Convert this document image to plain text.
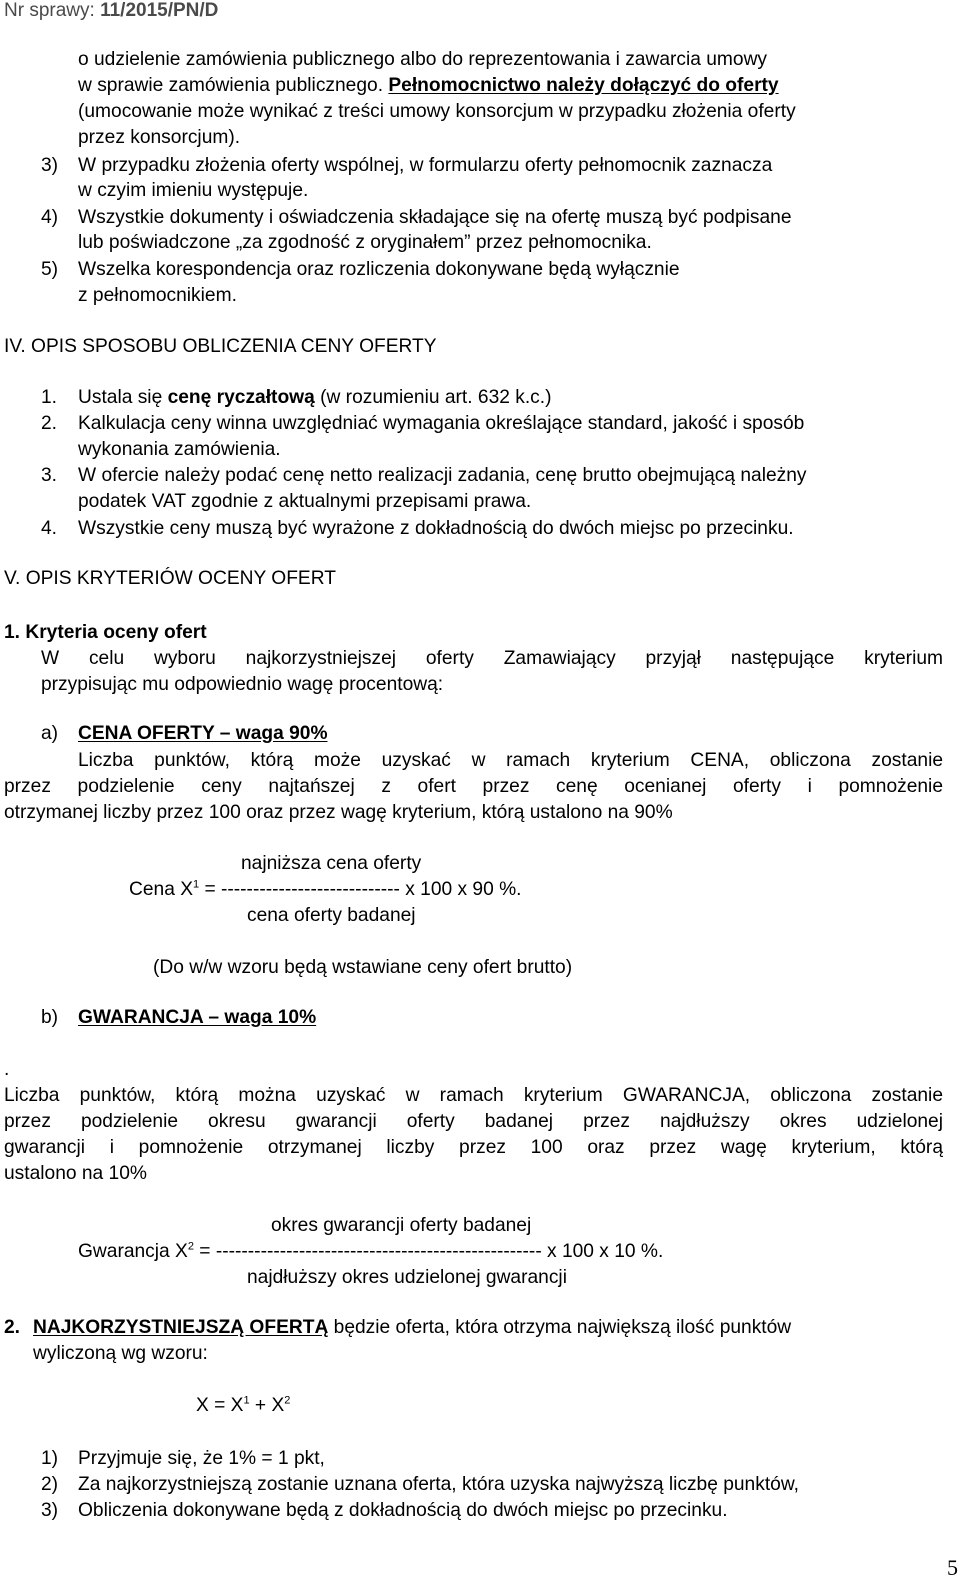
Nr sprawy: 11/2015/PN/D
o udzielenie zamówienia publicznego albo do reprezentowania i zawarcia umowy
w sprawie zamówienia publicznego. Pełnomocnictwo należy dołączyć do oferty
(umocowanie może wynikać z treści umowy konsorcjum w przypadku złożenia oferty
przez konsorcjum).
3) W przypadku złożenia oferty wspólnej, w formularzu oferty pełnomocnik zaznacza
w czyim imieniu występuje.
4) Wszystkie dokumenty i oświadczenia składające się na ofertę muszą być podpisane
lub poświadczone „za zgodność z oryginałem” przez pełnomocnika.
5) Wszelka korespondencja oraz rozliczenia dokonywane będą wyłącznie
z pełnomocnikiem.
IV. OPIS SPOSOBU OBLICZENIA CENY OFERTY
1. Ustala się cenę ryczałtową (w rozumieniu art. 632 k.c.)
2. Kalkulacja ceny winna uwzględniać wymagania określające standard, jakość i sposób
wykonania zamówienia.
3. W ofercie należy podać cenę netto realizacji zadania, cenę brutto obejmującą należny
podatek VAT zgodnie z aktualnymi przepisami prawa.
4. Wszystkie ceny muszą być wyrażone z dokładnością do dwóch miejsc po przecinku.
V. OPIS KRYTERIÓW OCENY OFERT
1. Kryteria oceny ofert
W celu wyboru najkorzystniejszej oferty Zamawiający przyjął następujące kryterium
przypisując mu odpowiednio wagę procentową:
a) CENA OFERTY – waga 90%
Liczba punktów, którą może uzyskać w ramach kryterium CENA, obliczona zostanie
przez podzielenie ceny najtańszej z ofert przez cenę ocenianej oferty i pomnożenie
otrzymanej liczby przez 100 oraz przez wagę kryterium, którą ustalono na 90%
najniższa cena oferty
Cena $X^1$ = ---------------------------- x 100 x 90 %.
cena oferty badanej
(Do w/w wzoru będą wstawiane ceny ofert brutto)
b) GWARANCJA – waga 10%
.
Liczba punktów, którą można uzyskać w ramach kryterium GWARANCJA, obliczona zostanie
przez podzielenie okresu gwarancji oferty badanej przez najdłuższy okres udzielonej
gwarancji i pomnożenie otrzymanej liczby przez 100 oraz przez wagę kryterium, którą
ustalono na 10%
okres gwarancji oferty badanej
Gwarancja $X^2$ = --------------------------------------------------- x 100 x 10 %.
najdłuższy okres udzielonej gwarancji
2. NAJKORZYSTNIEJSZĄ OFERTĄ będzie oferta, która otrzyma największą ilość punktów
wyliczoną wg wzoru:
$X = X^1 + X^2$
1) Przyjmuje się, że 1% = 1 pkt,
2) Za najkorzystniejszą zostanie uznana oferta, która uzyska najwyższą liczbę punktów,
3) Obliczenia dokonywane będą z dokładnością do dwóch miejsc po przecinku.
5
